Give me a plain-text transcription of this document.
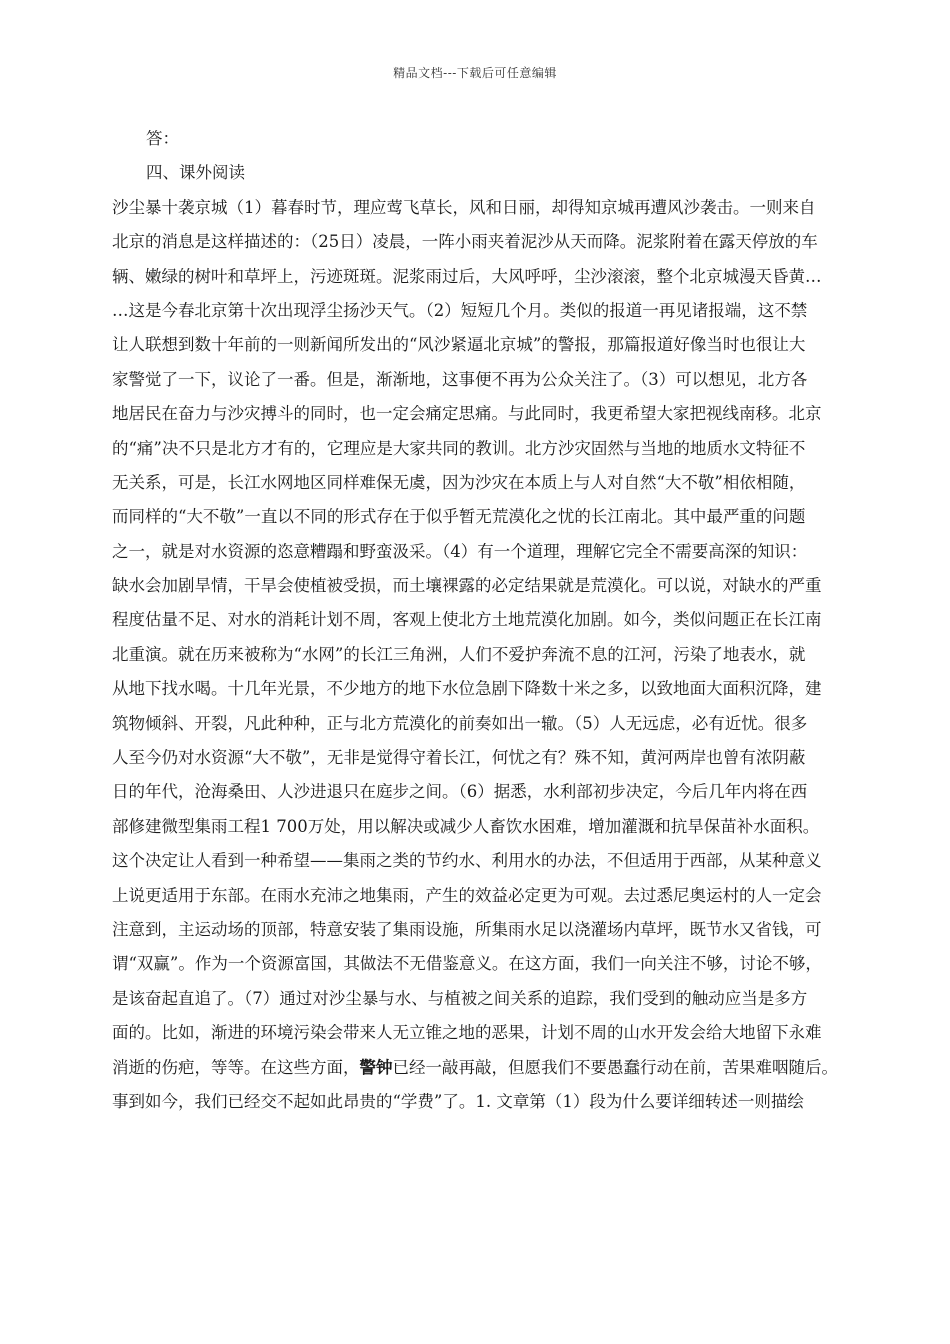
精品文档---下载后可任意编辑
答：
四、课外阅读
沙尘暴十袭京城（1）暮春时节，理应莺飞草长，风和日丽，却得知京城再遭风沙袭击。一则来自
北京的消息是这样描述的：（25日）凌晨，一阵小雨夹着泥沙从天而降。泥浆附着在露天停放的车
辆、嫩绿的树叶和草坪上，污迹斑斑。泥浆雨过后，大风呼呼，尘沙滚滚，整个北京城漫天昏黄…
…这是今春北京第十次出现浮尘扬沙天气。（2）短短几个月。类似的报道一再见诸报端，这不禁
让人联想到数十年前的一则新闻所发出的“风沙紧逼北京城”的警报，那篇报道好像当时也很让大
家警觉了一下，议论了一番。但是，渐渐地，这事便不再为公众关注了。（3）可以想见，北方各
地居民在奋力与沙灾搏斗的同时，也一定会痛定思痛。与此同时，我更希望大家把视线南移。北京
的“痛”决不只是北方才有的，它理应是大家共同的教训。北方沙灾固然与当地的地质水文特征不
无关系，可是，长江水网地区同样难保无虞，因为沙灾在本质上与人对自然“大不敬”相依相随，
而同样的“大不敬”一直以不同的形式存在于似乎暂无荒漠化之忧的长江南北。其中最严重的问题
之一，就是对水资源的恣意糟蹋和野蛮汲采。（4）有一个道理，理解它完全不需要高深的知识：
缺水会加剧旱情，干旱会使植被受损，而土壤裸露的必定结果就是荒漠化。可以说，对缺水的严重
程度估量不足、对水的消耗计划不周，客观上使北方土地荒漠化加剧。如今，类似问题正在长江南
北重演。就在历来被称为“水网”的长江三角洲，人们不爱护奔流不息的江河，污染了地表水，就
从地下找水喝。十几年光景，不少地方的地下水位急剧下降数十米之多，以致地面大面积沉降，建
筑物倾斜、开裂，凡此种种，正与北方荒漠化的前奏如出一辙。（5）人无远虑，必有近忧。很多
人至今仍对水资源“大不敬”，无非是觉得守着长江，何忧之有？殊不知，黄河两岸也曾有浓阴蔽
日的年代，沧海桑田、人沙进退只在庭步之间。（6）据悉，水利部初步决定，今后几年内将在西
部修建微型集雨工程1 700万处，用以解决或减少人畜饮水困难，增加灌溉和抗旱保苗补水面积。
这个决定让人看到一种希望——集雨之类的节约水、利用水的办法，不但适用于西部，从某种意义
上说更适用于东部。在雨水充沛之地集雨，产生的效益必定更为可观。去过悉尼奥运村的人一定会
注意到，主运动场的顶部，特意安装了集雨设施，所集雨水足以浇灌场内草坪，既节水又省钱，可
谓“双赢”。作为一个资源富国，其做法不无借鉴意义。在这方面，我们一向关注不够，讨论不够，
是该奋起直追了。（7）通过对沙尘暴与水、与植被之间关系的追踪，我们受到的触动应当是多方
面的。比如，渐进的环境污染会带来人无立锥之地的恶果，计划不周的山水开发会给大地留下永难
消逝的伤疤，等等。在这些方面，警钟已经一敲再敲，但愿我们不要愚蠢行动在前，苦果难咽随后。
事到如今，我们已经交不起如此昂贵的“学费”了。1. 文章第（1）段为什么要详细转述一则描绘
